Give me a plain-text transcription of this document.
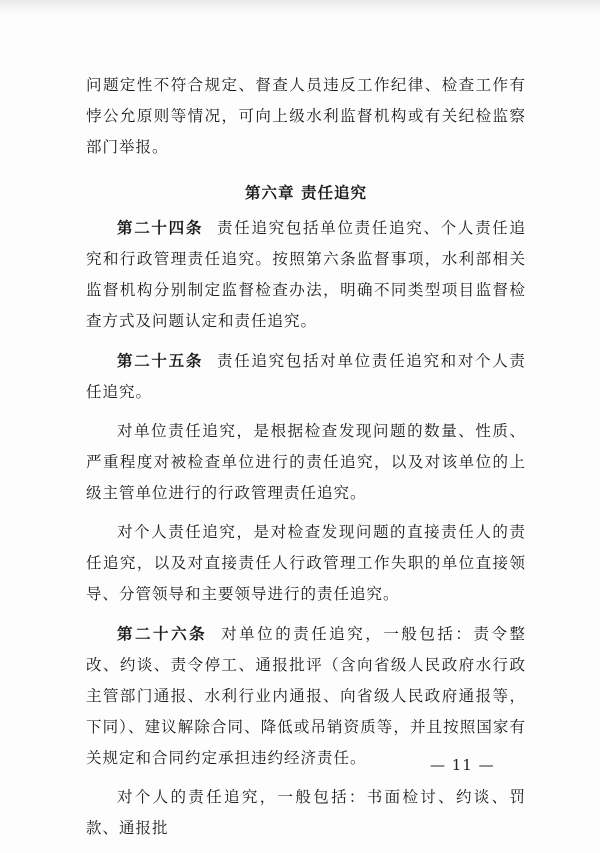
问题定性不符合规定、督查人员违反工作纪律、检查工作有悖公允原则等情况，可向上级水利监督机构或有关纪检监察部门举报。

第六章 责任追究

第二十四条 责任追究包括单位责任追究、个人责任追究和行政管理责任追究。按照第六条监督事项，水利部相关监督机构分别制定监督检查办法，明确不同类型项目监督检查方式及问题认定和责任追究。

第二十五条 责任追究包括对单位责任追究和对个人责任追究。

对单位责任追究，是根据检查发现问题的数量、性质、严重程度对被检查单位进行的责任追究，以及对该单位的上级主管单位进行的行政管理责任追究。

对个人责任追究，是对检查发现问题的直接责任人的责任追究，以及对直接责任人行政管理工作失职的单位直接领导、分管领导和主要领导进行的责任追究。

第二十六条 对单位的责任追究，一般包括：责令整改、约谈、责令停工、通报批评（含向省级人民政府水行政主管部门通报、水利行业内通报、向省级人民政府通报等，下同）、建议解除合同、降低或吊销资质等，并且按照国家有关规定和合同约定承担违约经济责任。

对个人的责任追究，一般包括：书面检讨、约谈、罚款、通报批

— 11 —
